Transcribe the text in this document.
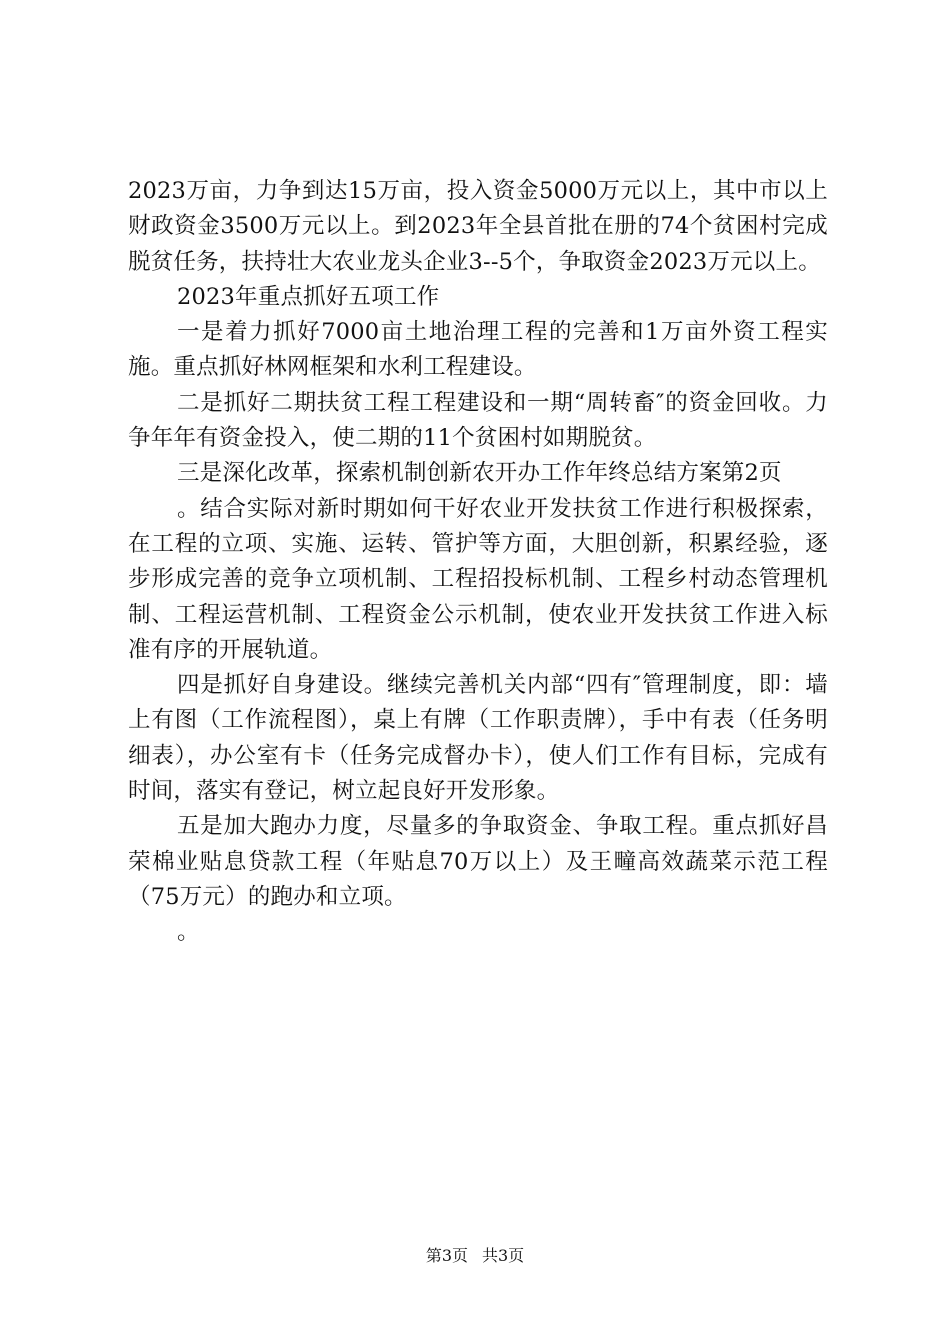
2023万亩，力争到达15万亩，投入资金5000万元以上，其中市以上财政资金3500万元以上。到2023年全县首批在册的74个贫困村完成脱贫任务，扶持壮大农业龙头企业3--5个，争取资金2023万元以上。

2023年重点抓好五项工作

一是着力抓好7000亩土地治理工程的完善和1万亩外资工程实施。重点抓好林网框架和水利工程建设。

二是抓好二期扶贫工程工程建设和一期“周转畜″的资金回收。力争年年有资金投入，使二期的11个贫困村如期脱贫。

三是深化改革，探索机制创新农开办工作年终总结方案第2页

。结合实际对新时期如何干好农业开发扶贫工作进行积极探索，在工程的立项、实施、运转、管护等方面，大胆创新，积累经验，逐步形成完善的竞争立项机制、工程招投标机制、工程乡村动态管理机制、工程运营机制、工程资金公示机制，使农业开发扶贫工作进入标准有序的开展轨道。

四是抓好自身建设。继续完善机关内部“四有″管理制度，即：墙上有图（工作流程图），桌上有牌（工作职责牌），手中有表（任务明细表），办公室有卡（任务完成督办卡），使人们工作有目标，完成有时间，落实有登记，树立起良好开发形象。

五是加大跑办力度，尽量多的争取资金、争取工程。重点抓好昌荣棉业贴息贷款工程（年贴息70万以上）及王疃高效蔬菜示范工程（75万元）的跑办和立项。

。

第3页 共3页
